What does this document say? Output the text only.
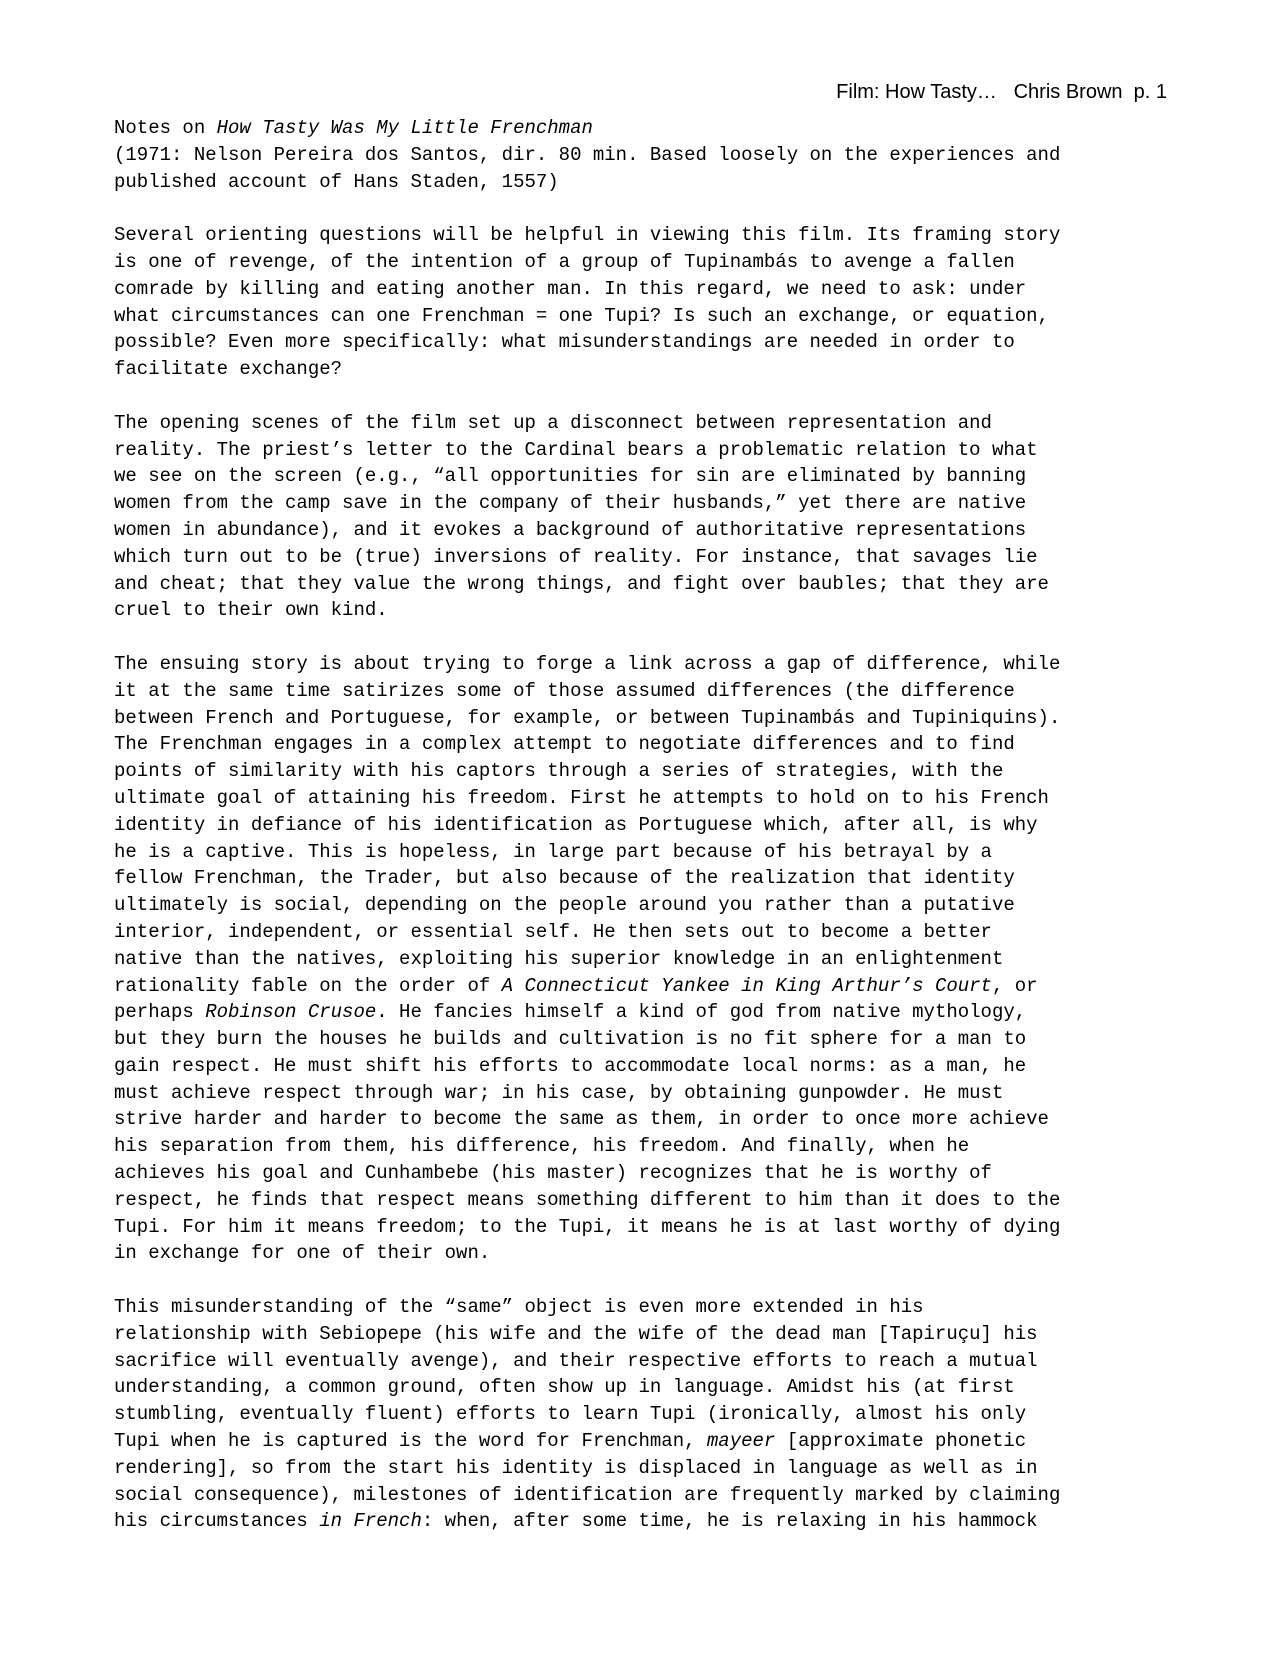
Film: How Tasty…   Chris Brown  p. 1
Notes on How Tasty Was My Little Frenchman
(1971: Nelson Pereira dos Santos, dir. 80 min. Based loosely on the experiences and
published account of Hans Staden, 1557)
Several orienting questions will be helpful in viewing this film. Its framing story
is one of revenge, of the intention of a group of Tupinambás to avenge a fallen
comrade by killing and eating another man. In this regard, we need to ask: under
what circumstances can one Frenchman = one Tupi? Is such an exchange, or equation,
possible? Even more specifically: what misunderstandings are needed in order to
facilitate exchange?
The opening scenes of the film set up a disconnect between representation and
reality. The priest’s letter to the Cardinal bears a problematic relation to what
we see on the screen (e.g., “all opportunities for sin are eliminated by banning
women from the camp save in the company of their husbands,” yet there are native
women in abundance), and it evokes a background of authoritative representations
which turn out to be (true) inversions of reality. For instance, that savages lie
and cheat; that they value the wrong things, and fight over baubles; that they are
cruel to their own kind.
The ensuing story is about trying to forge a link across a gap of difference, while
it at the same time satirizes some of those assumed differences (the difference
between French and Portuguese, for example, or between Tupinambás and Tupiniquins).
The Frenchman engages in a complex attempt to negotiate differences and to find
points of similarity with his captors through a series of strategies, with the
ultimate goal of attaining his freedom. First he attempts to hold on to his French
identity in defiance of his identification as Portuguese which, after all, is why
he is a captive. This is hopeless, in large part because of his betrayal by a
fellow Frenchman, the Trader, but also because of the realization that identity
ultimately is social, depending on the people around you rather than a putative
interior, independent, or essential self. He then sets out to become a better
native than the natives, exploiting his superior knowledge in an enlightenment
rationality fable on the order of A Connecticut Yankee in King Arthur’s Court, or
perhaps Robinson Crusoe. He fancies himself a kind of god from native mythology,
but they burn the houses he builds and cultivation is no fit sphere for a man to
gain respect. He must shift his efforts to accommodate local norms: as a man, he
must achieve respect through war; in his case, by obtaining gunpowder. He must
strive harder and harder to become the same as them, in order to once more achieve
his separation from them, his difference, his freedom. And finally, when he
achieves his goal and Cunhambebe (his master) recognizes that he is worthy of
respect, he finds that respect means something different to him than it does to the
Tupi. For him it means freedom; to the Tupi, it means he is at last worthy of dying
in exchange for one of their own.
This misunderstanding of the “same” object is even more extended in his
relationship with Sebiopepe (his wife and the wife of the dead man [Tapiruçu] his
sacrifice will eventually avenge), and their respective efforts to reach a mutual
understanding, a common ground, often show up in language. Amidst his (at first
stumbling, eventually fluent) efforts to learn Tupi (ironically, almost his only
Tupi when he is captured is the word for Frenchman, mayeer [approximate phonetic
rendering], so from the start his identity is displaced in language as well as in
social consequence), milestones of identification are frequently marked by claiming
his circumstances in French: when, after some time, he is relaxing in his hammock
